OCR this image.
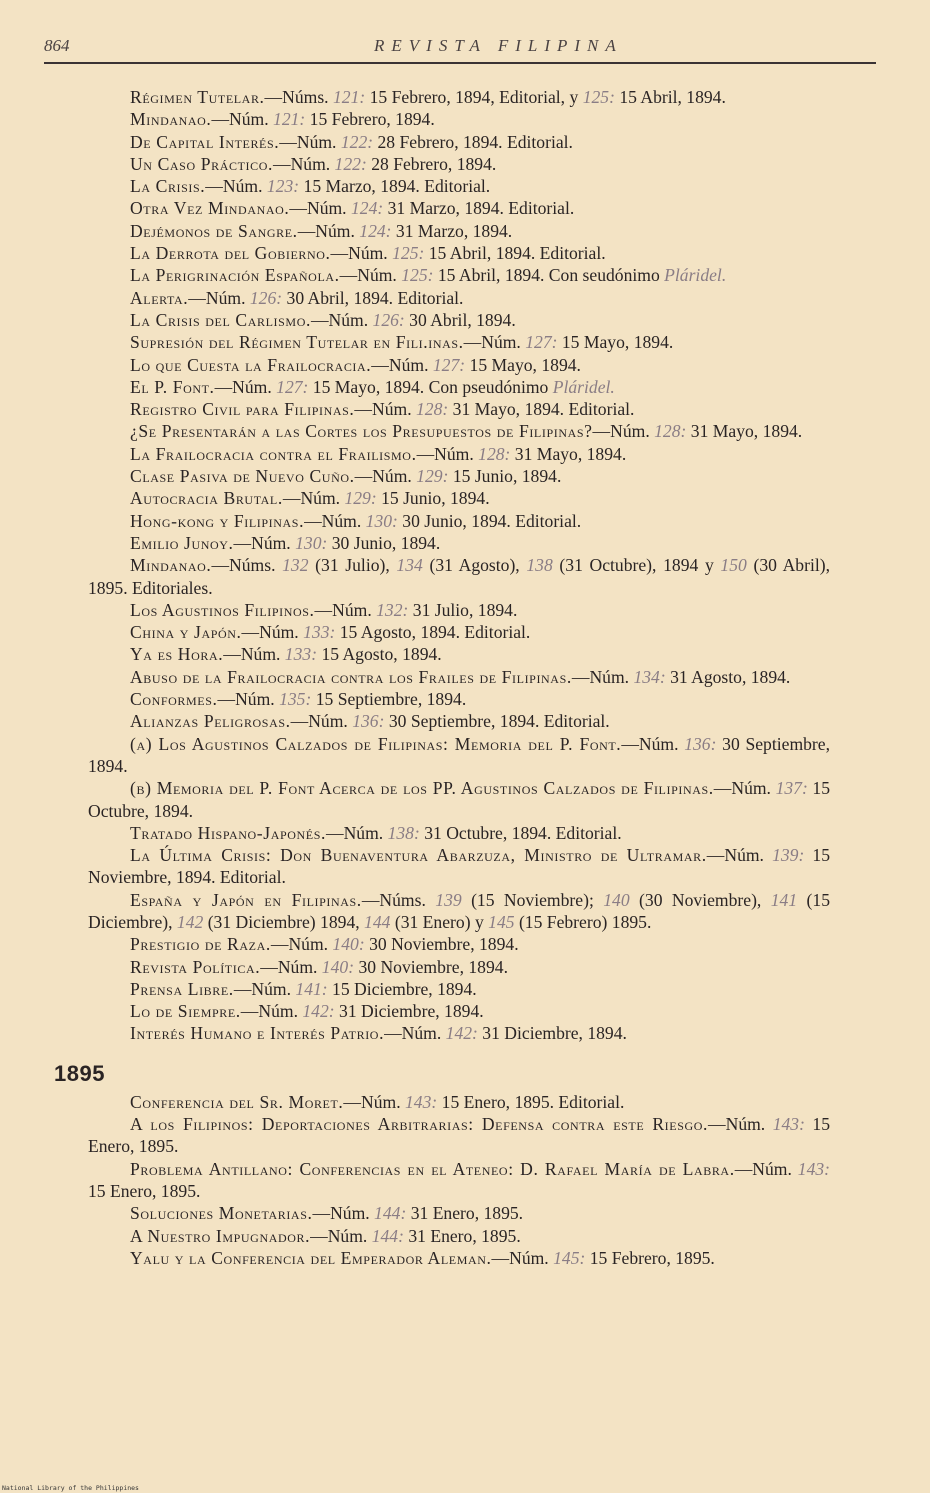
864	REVISTA FILIPINA

Régimen Tutelar.—Núms. 121: 15 Febrero, 1894, Editorial, y 125: 15 Abril, 1894.

Mindanao.—Núm. 121: 15 Febrero, 1894.

De Capital Interés.—Núm. 122: 28 Febrero, 1894. Editorial.

Un Caso Práctico.—Núm. 122: 28 Febrero, 1894.

La Crisis.—Núm. 123: 15 Marzo, 1894. Editorial.

Otra Vez Mindanao.—Núm. 124: 31 Marzo, 1894. Editorial.

Dejémonos de Sangre.—Núm. 124: 31 Marzo, 1894.

La Derrota del Gobierno.—Núm. 125: 15 Abril, 1894. Editorial.

La Perigrinación Española.—Núm. 125: 15 Abril, 1894. Con seudónimo Pláridel.

Alerta.—Núm. 126: 30 Abril, 1894. Editorial.

La Crisis del Carlismo.—Núm. 126: 30 Abril, 1894.

Supresión del Régimen Tutelar en Fili.inas.—Núm. 127: 15 Mayo, 1894.

Lo que Cuesta la Frailocracia.—Núm. 127: 15 Mayo, 1894.

El P. Font.—Núm. 127: 15 Mayo, 1894. Con pseudónimo Pláridel.

Registro Civil para Filipinas.—Núm. 128: 31 Mayo, 1894. Editorial.

¿Se Presentarán a las Cortes los Presupuestos de Filipinas?—Núm. 128: 31 Mayo, 1894.

La Frailocracia contra el Frailismo.—Núm. 128: 31 Mayo, 1894.

Clase Pasiva de Nuevo Cuño.—Núm. 129: 15 Junio, 1894.

Autocracia Brutal.—Núm. 129: 15 Junio, 1894.

Hong-kong y Filipinas.—Núm. 130: 30 Junio, 1894. Editorial.

Emilio Junoy.—Núm. 130: 30 Junio, 1894.

Mindanao.—Núms. 132 (31 Julio), 134 (31 Agosto), 138 (31 Octubre), 1894 y 150 (30 Abril), 1895. Editoriales.

Los Agustinos Filipinos.—Núm. 132: 31 Julio, 1894.

China y Japón.—Núm. 133: 15 Agosto, 1894. Editorial.

Ya es Hora.—Núm. 133: 15 Agosto, 1894.

Abuso de la Frailocracia contra los Frailes de Filipinas.—Núm. 134: 31 Agosto, 1894.

Conformes.—Núm. 135: 15 Septiembre, 1894.

Alianzas Peligrosas.—Núm. 136: 30 Septiembre, 1894. Editorial.

(a) Los Agustinos Calzados de Filipinas: Memoria del P. Font.—Núm. 136: 30 Septiembre, 1894.

(b) Memoria del P. Font Acerca de los PP. Agustinos Calzados de Filipinas.—Núm. 137: 15 Octubre, 1894.

Tratado Hispano-Japonés.—Núm. 138: 31 Octubre, 1894. Editorial.

La Última Crisis: Don Buenaventura Abarzuza, Ministro de Ultramar.—Núm. 139: 15 Noviembre, 1894. Editorial.

España y Japón en Filipinas.—Núms. 139 (15 Noviembre); 140 (30 Noviembre), 141 (15 Diciembre), 142 (31 Diciembre) 1894, 144 (31 Enero) y 145 (15 Febrero) 1895.

Prestigio de Raza.—Núm. 140: 30 Noviembre, 1894.

Revista Política.—Núm. 140: 30 Noviembre, 1894.

Prensa Libre.—Núm. 141: 15 Diciembre, 1894.

Lo de Siempre.—Núm. 142: 31 Diciembre, 1894.

Interés Humano e Interés Patrio.—Núm. 142: 31 Diciembre, 1894.

1895

Conferencia del Sr. Moret.—Núm. 143: 15 Enero, 1895. Editorial.

A los Filipinos: Deportaciones Arbitrarias: Defensa contra este Riesgo.—Núm. 143: 15 Enero, 1895.

Problema Antillano: Conferencias en el Ateneo: D. Rafael María de Labra.—Núm. 143: 15 Enero, 1895.

Soluciones Monetarias.—Núm. 144: 31 Enero, 1895.

A Nuestro Impugnador.—Núm. 144: 31 Enero, 1895.

Yalu y la Conferencia del Emperador Aleman.—Núm. 145: 15 Febrero, 1895.

National Library of the Philippines
